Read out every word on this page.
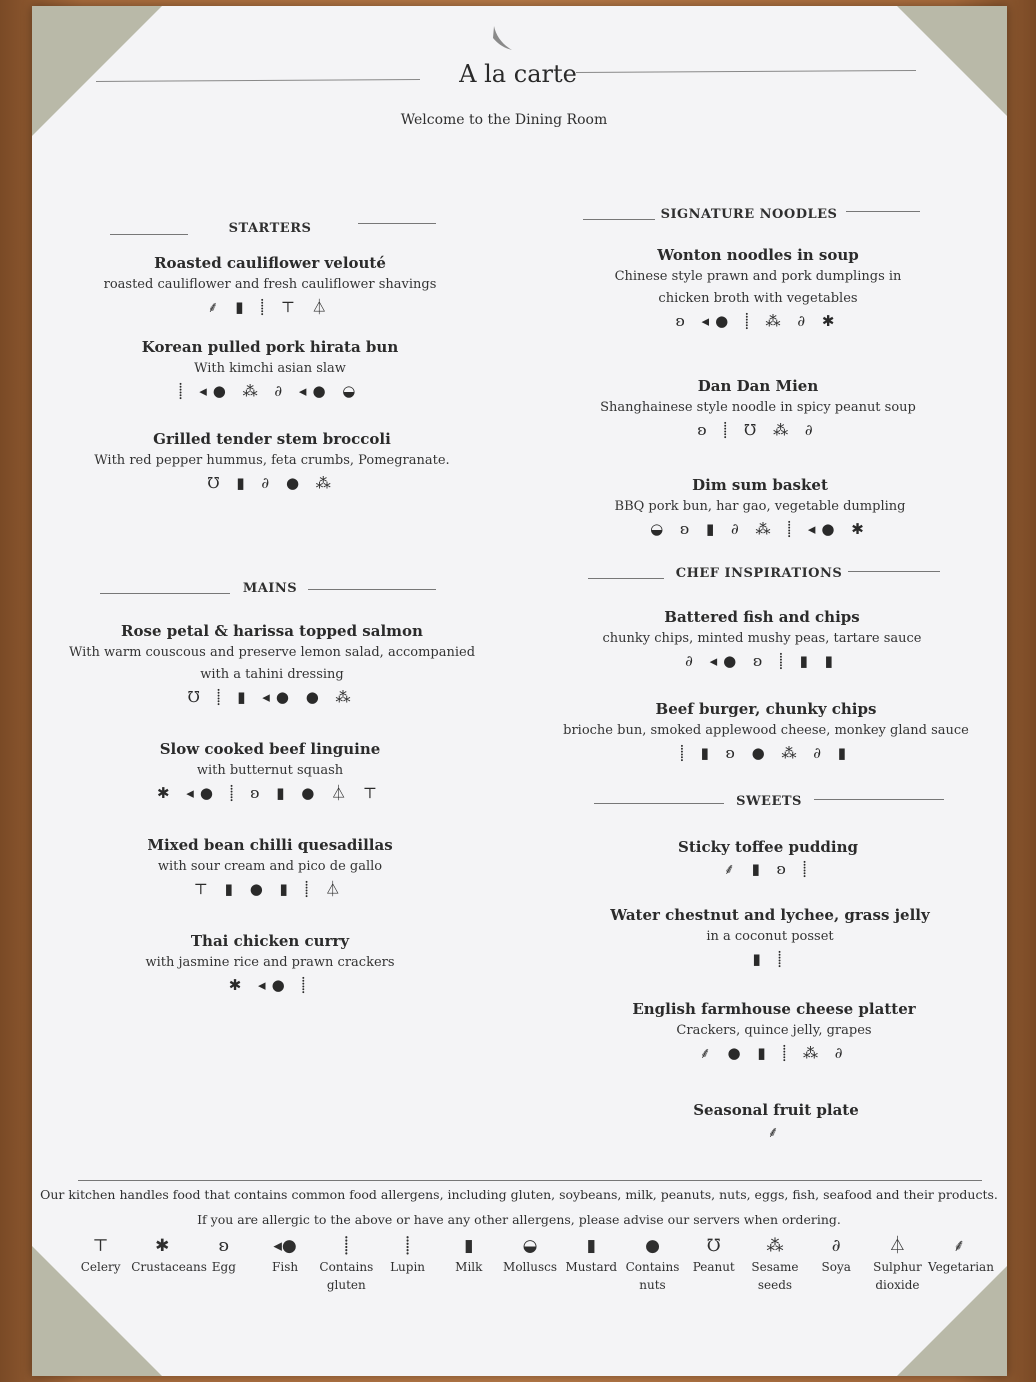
A la carte
Welcome to the Dining Room
STARTERS
Roasted cauliflower velouté
roasted cauliflower and fresh cauliflower shavings
⸙ ▮ ⸽ ⊤ ⏃
Korean pulled pork hirata bun
With kimchi asian slaw
⸽ ◂● ⁂ ∂ ◂● ◒
Grilled tender stem broccoli
With red pepper hummus, feta crumbs, Pomegranate.
℧ ▮ ∂ ● ⁂
MAINS
Rose petal & harissa topped salmon
With warm couscous and preserve lemon salad, accompanied
with a tahini dressing
℧ ⸽ ▮ ◂● ● ⁂
Slow cooked beef linguine
with butternut squash
✱ ◂● ⸽ ʚ ▮ ● ⏃ ⊤
Mixed bean chilli quesadillas
with sour cream and pico de gallo
⊤ ▮ ● ▮ ⸽ ⏃
Thai chicken curry
with jasmine rice and prawn crackers
✱ ◂● ⸽
SIGNATURE NOODLES
Wonton noodles in soup
Chinese style prawn and pork dumplings in
chicken broth with vegetables
ʚ ◂● ⸽ ⁂ ∂ ✱
Dan Dan Mien
Shanghainese style noodle in spicy peanut soup
ʚ ⸽ ℧ ⁂ ∂
Dim sum basket
BBQ pork bun, har gao, vegetable dumpling
◒ ʚ ▮ ∂ ⁂ ⸽ ◂● ✱
CHEF INSPIRATIONS
Battered fish and chips
chunky chips, minted mushy peas, tartare sauce
∂ ◂● ʚ ⸽ ▮ ▮
Beef burger, chunky chips
brioche bun, smoked applewood cheese, monkey gland sauce
⸽ ▮ ʚ ● ⁂ ∂ ▮
SWEETS
Sticky toffee pudding
⸙ ▮ ʚ ⸽
Water chestnut and lychee, grass jelly
in a coconut posset
▮ ⸽
English farmhouse cheese platter
Crackers, quince jelly, grapes
⸙ ● ▮ ⸽ ⁂ ∂
Seasonal fruit plate
⸙
Our kitchen handles food that contains common food allergens, including gluten, soybeans, milk, peanuts, nuts, eggs, fish, seafood and their products.
If you are allergic to the above or have any other allergens, please advise our servers when ordering.
⊤
Celery
✱
Crustaceans
ʚ
Egg
◂●
Fish
⸽
Contains
gluten
⸽
Lupin
▮
Milk
◒
Molluscs
▮
Mustard
●
Contains
nuts
℧
Peanut
⁂
Sesame
seeds
∂
Soya
⏃
Sulphur
dioxide
⸙
Vegetarian
